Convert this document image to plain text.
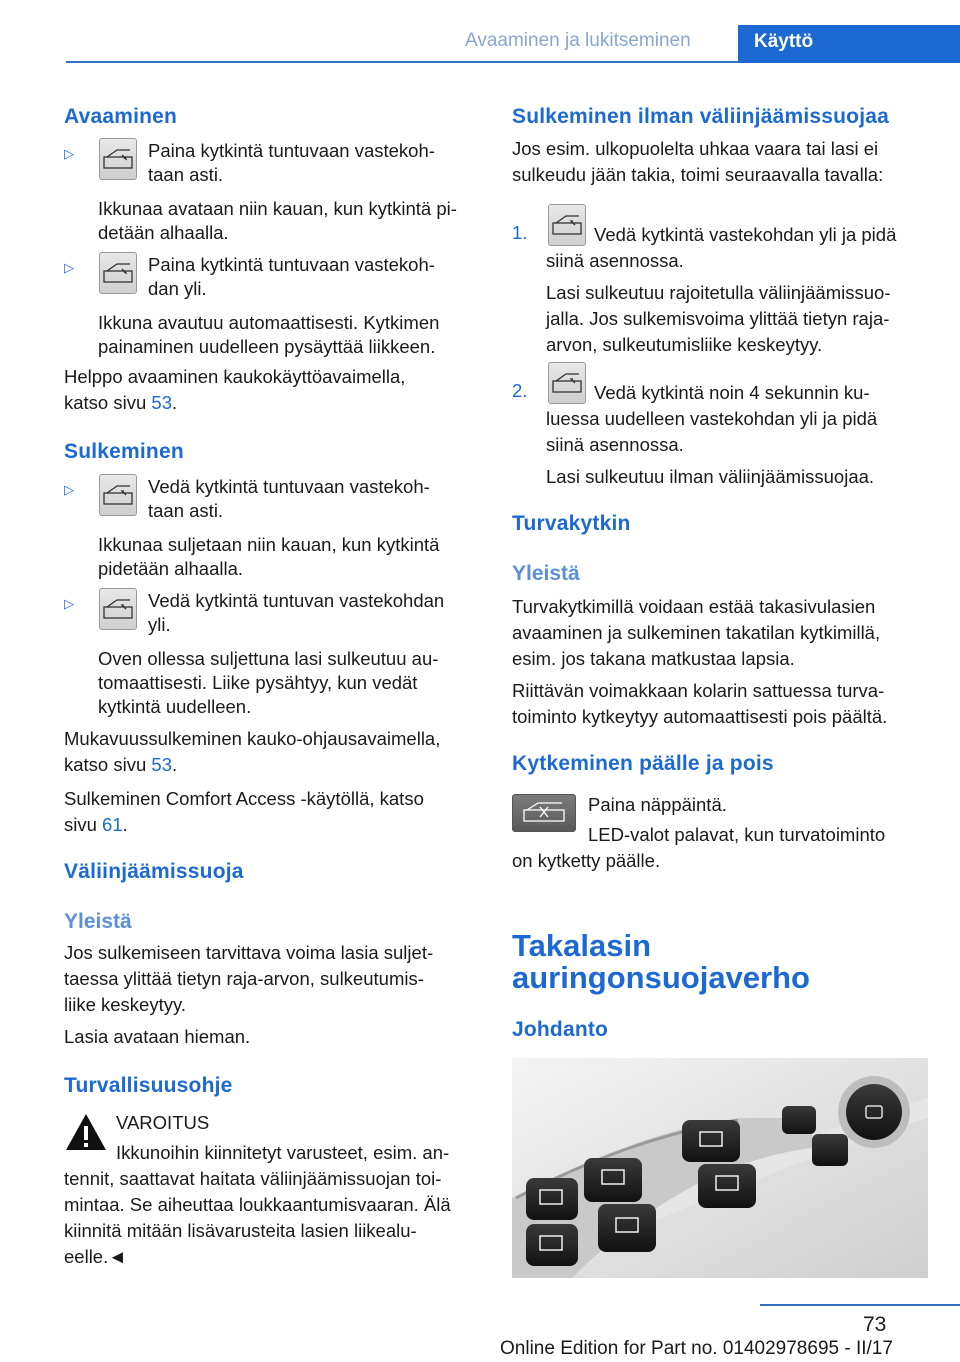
Avaaminen ja lukitseminen	Käyttö
Avaaminen
▷	Paina kytkintä tuntuvaan vastekoh-

taan asti.

Ikkunaa avataan niin kauan, kun kytkintä pi-

detään alhaalla.

▷	Paina kytkintä tuntuvaan vastekoh-

dan yli.

Ikkuna avautuu automaattisesti. Kytkimen

painaminen uudelleen pysäyttää liikkeen.

Helppo avaaminen kaukokäyttöavaimella,

katso sivu 53.

Sulkeminen
▷	Vedä kytkintä tuntuvaan vastekoh-

taan asti.

Ikkunaa suljetaan niin kauan, kun kytkintä

pidetään alhaalla.

▷	Vedä kytkintä tuntuvan vastekohdan

yli.

Oven ollessa suljettuna lasi sulkeutuu au-

tomaattisesti. Liike pysähtyy, kun vedät

kytkintä uudelleen.

Mukavuussulkeminen kauko-ohjausavaimella,

katso sivu 53.

Sulkeminen Comfort Access -käytöllä, katso

sivu 61.

Väliinjäämissuoja
Yleistä

Jos sulkemiseen tarvittava voima lasia suljet-

taessa ylittää tietyn raja-arvon, sulkeutumis-

liike keskeytyy.

Lasia avataan hieman.

Turvallisuusohje

VAROITUS

Ikkunoihin kiinnitetyt varusteet, esim. an-

tennit, saattavat haitata väliinjäämissuojan toi-

mintaa. Se aiheuttaa loukkaantumisvaaran. Älä

kiinnitä mitään lisävarusteita lasien liikealu-

eelle.◄

Sulkeminen ilman väliinjäämissuojaa

Jos esim. ulkopuolelta uhkaa vaara tai lasi ei

sulkeudu jään takia, toimi seuraavalla tavalla:

1.	Vedä kytkintä vastekohdan yli ja pidä

siinä asennossa.

Lasi sulkeutuu rajoitetulla väliinjäämissuo-

jalla. Jos sulkemisvoima ylittää tietyn raja-

arvon, sulkeutumisliike keskeytyy.

2.	Vedä kytkintä noin 4 sekunnin ku-

luessa uudelleen vastekohdan yli ja pidä

siinä asennossa.

Lasi sulkeutuu ilman väliinjäämissuojaa.

Turvakytkin
Yleistä

Turvakytkimillä voidaan estää takasivulasien

avaaminen ja sulkeminen takatilan kytkimillä,

esim. jos takana matkustaa lapsia.

Riittävän voimakkaan kolarin sattuessa turva-

toiminto kytkeytyy automaattisesti pois päältä.

Kytkeminen päälle ja pois

Paina näppäintä.

LED-valot palavat, kun turvatoiminto

on kytketty päälle.

Takalasin
auringonsuojaverho
Johdanto
73
Online Edition for Part no. 01402978695 - II/17
